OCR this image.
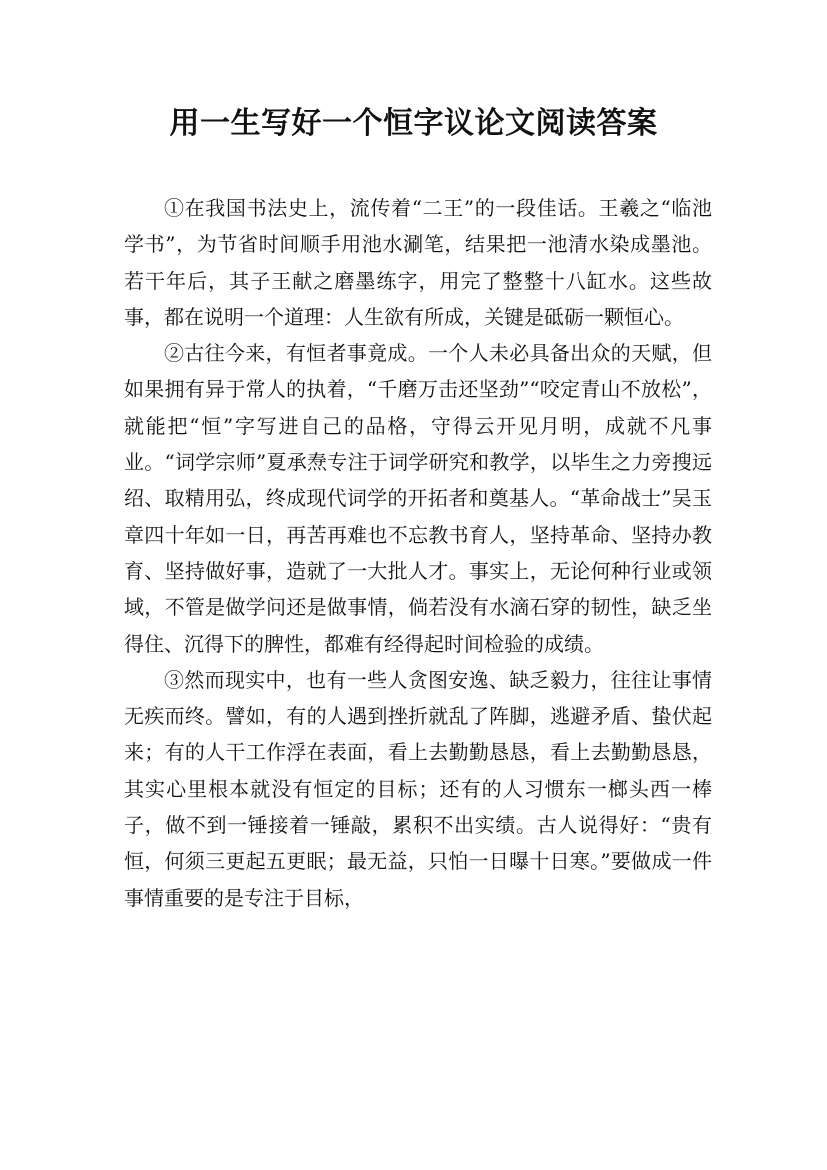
用一生写好一个恒字议论文阅读答案

①在我国书法史上，流传着“二王”的一段佳话。王羲之“临池学书”，为节省时间顺手用池水涮笔，结果把一池清水染成墨池。若干年后，其子王献之磨墨练字，用完了整整十八缸水。这些故事，都在说明一个道理：人生欲有所成，关键是砥砺一颗恒心。

②古往今来，有恒者事竟成。一个人未必具备出众的天赋，但如果拥有异于常人的执着，“千磨万击还坚劲”“咬定青山不放松”，就能把“恒”字写进自己的品格，守得云开见月明，成就不凡事业。“词学宗师”夏承焘专注于词学研究和教学，以毕生之力旁搜远绍、取精用弘，终成现代词学的开拓者和奠基人。“革命战士”吴玉章四十年如一日，再苦再难也不忘教书育人，坚持革命、坚持办教育、坚持做好事，造就了一大批人才。事实上，无论何种行业或领域，不管是做学问还是做事情，倘若没有水滴石穿的韧性，缺乏坐得住、沉得下的脾性，都难有经得起时间检验的成绩。

③然而现实中，也有一些人贪图安逸、缺乏毅力，往往让事情无疾而终。譬如，有的人遇到挫折就乱了阵脚，逃避矛盾、蛰伏起来；有的人干工作浮在表面，看上去勤勤恳恳，看上去勤勤恳恳，其实心里根本就没有恒定的目标；还有的人习惯东一榔头西一棒子，做不到一锤接着一锤敲，累积不出实绩。古人说得好：“贵有恒，何须三更起五更眠；最无益，只怕一日曝十日寒。”要做成一件事情重要的是专注于目标，
